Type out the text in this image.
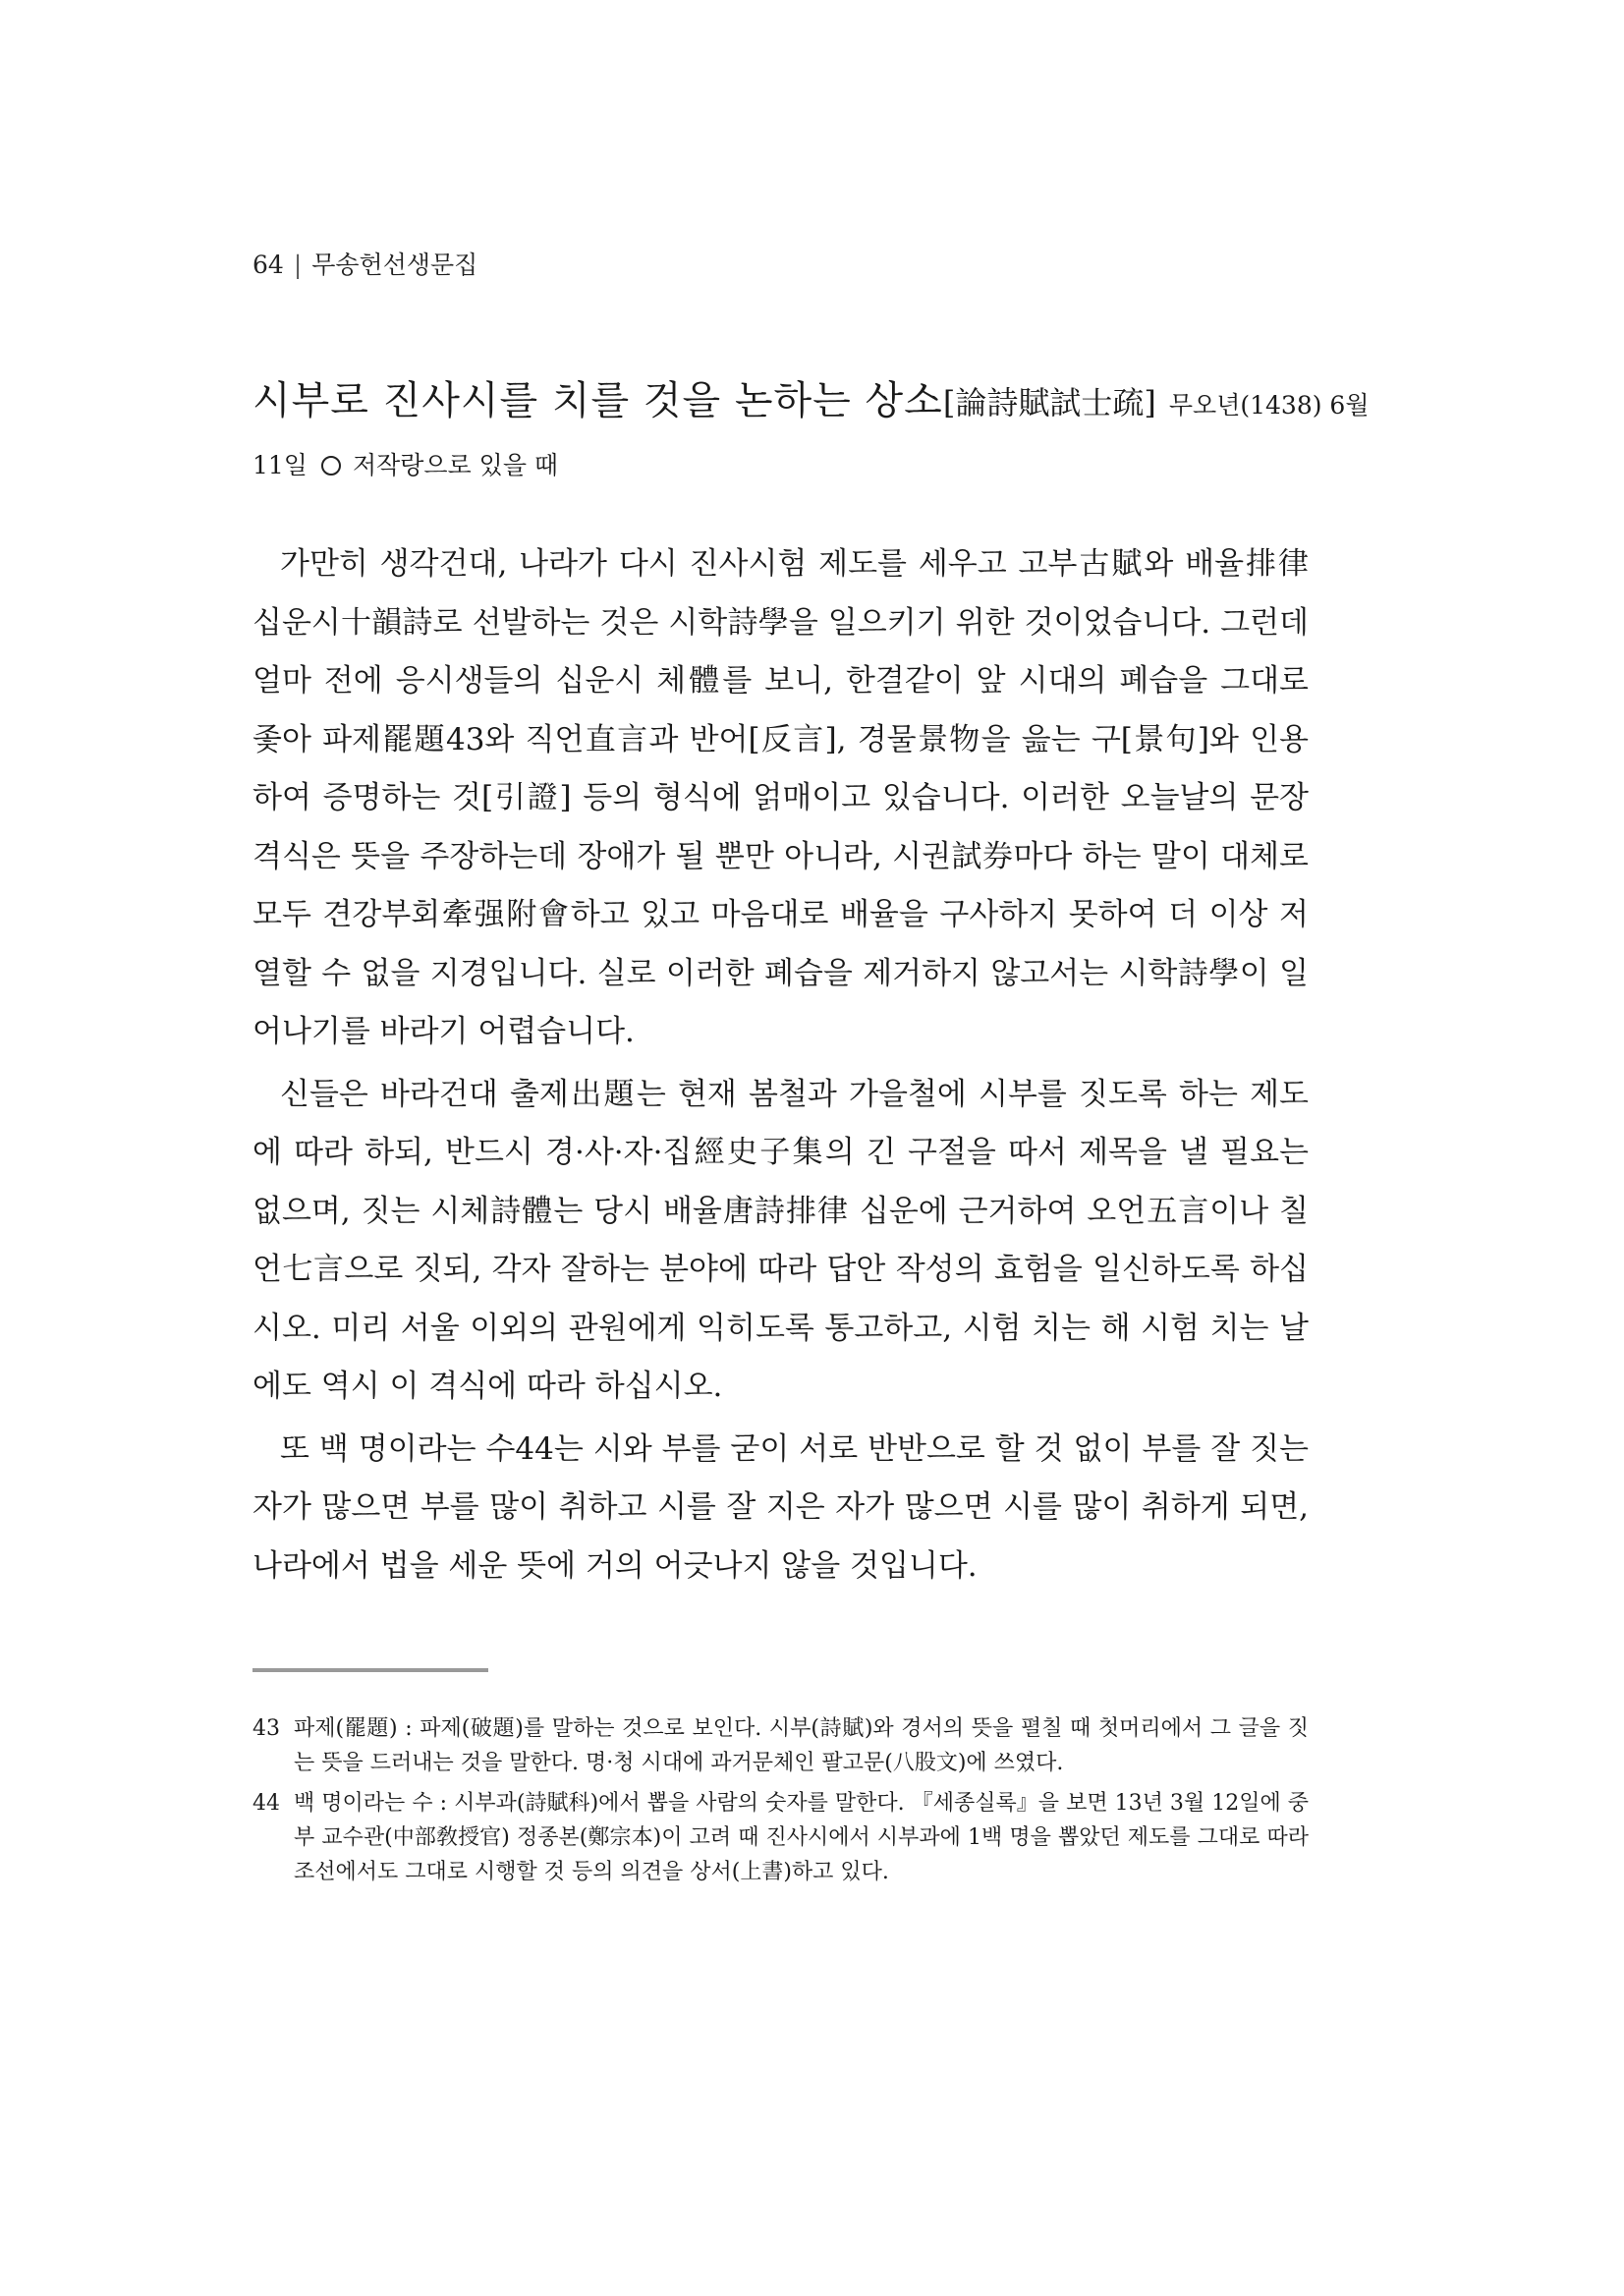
64 | 무송헌선생문집
시부로 진사시를 치를 것을 논하는 상소[論詩賦試士疏] 무오년(1438) 6월
11일 저작랑으로 있을 때

가만히 생각건대, 나라가 다시 진사시험 제도를 세우고 고부古賦와 배율排律 십운시十韻詩로 선발하는 것은 시학詩學을 일으키기 위한 것이었습니다. 그런데 얼마 전에 응시생들의 십운시 체體를 보니, 한결같이 앞 시대의 폐습을 그대로 좇아 파제罷題43와 직언直言과 반어[反言], 경물景物을 읊는 구[景句]와 인용하여 증명하는 것[引證] 등의 형식에 얽매이고 있습니다. 이러한 오늘날의 문장 격식은 뜻을 주장하는데 장애가 될 뿐만 아니라, 시권試券마다 하는 말이 대체로 모두 견강부회牽强附會하고 있고 마음대로 배율을 구사하지 못하여 더 이상 저열할 수 없을 지경입니다. 실로 이러한 폐습을 제거하지 않고서는 시학詩學이 일어나기를 바라기 어렵습니다.

신들은 바라건대 출제出題는 현재 봄철과 가을철에 시부를 짓도록 하는 제도에 따라 하되, 반드시 경·사·자·집經史子集의 긴 구절을 따서 제목을 낼 필요는 없으며, 짓는 시체詩體는 당시 배율唐詩排律 십운에 근거하여 오언五言이나 칠언七言으로 짓되, 각자 잘하는 분야에 따라 답안 작성의 효험을 일신하도록 하십시오. 미리 서울 이외의 관원에게 익히도록 통고하고, 시험 치는 해 시험 치는 날에도 역시 이 격식에 따라 하십시오.

또 백 명이라는 수44는 시와 부를 굳이 서로 반반으로 할 것 없이 부를 잘 짓는 자가 많으면 부를 많이 취하고 시를 잘 지은 자가 많으면 시를 많이 취하게 되면, 나라에서 법을 세운 뜻에 거의 어긋나지 않을 것입니다.

43 파제(罷題) : 파제(破題)를 말하는 것으로 보인다. 시부(詩賦)와 경서의 뜻을 펼칠 때 첫머리에서 그 글을 짓는 뜻을 드러내는 것을 말한다. 명·청 시대에 과거문체인 팔고문(八股文)에 쓰였다.
44 백 명이라는 수 : 시부과(詩賦科)에서 뽑을 사람의 숫자를 말한다. 『세종실록』을 보면 13년 3월 12일에 중부 교수관(中部敎授官) 정종본(鄭宗本)이 고려 때 진사시에서 시부과에 1백 명을 뽑았던 제도를 그대로 따라 조선에서도 그대로 시행할 것 등의 의견을 상서(上書)하고 있다.
